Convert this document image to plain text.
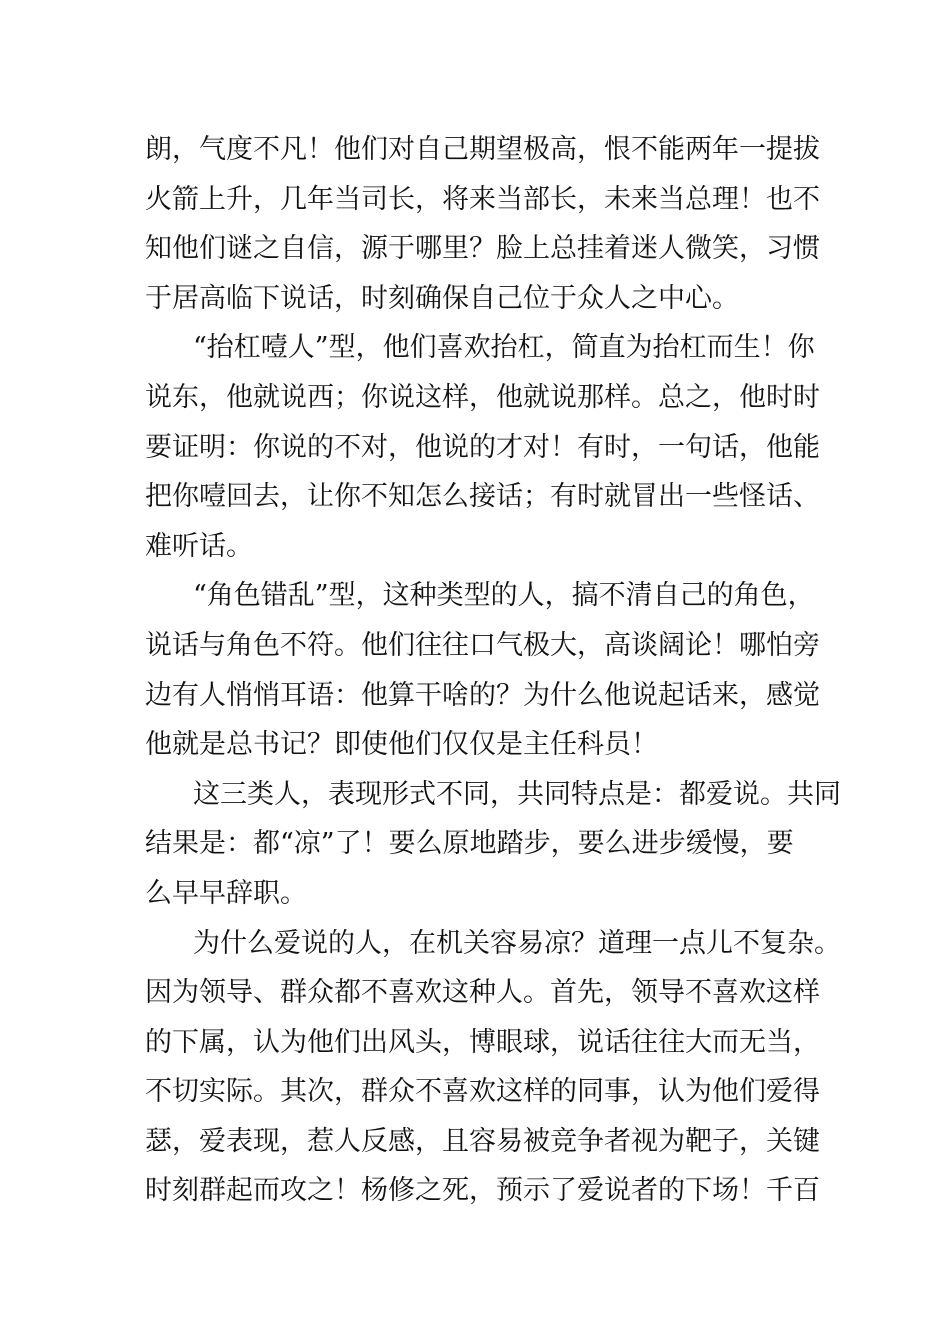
朗，气度不凡！他们对自己期望极高，恨不能两年一提拔
火箭上升，几年当司长，将来当部长，未来当总理！也不
知他们谜之自信，源于哪里？脸上总挂着迷人微笑，习惯
于居高临下说话，时刻确保自己位于众人之中心。
“抬杠噎人”型，他们喜欢抬杠，简直为抬杠而生！你
说东，他就说西；你说这样，他就说那样。总之，他时时
要证明：你说的不对，他说的才对！有时，一句话，他能
把你噎回去，让你不知怎么接话；有时就冒出一些怪话、
难听话。
“角色错乱”型，这种类型的人，搞不清自己的角色，
说话与角色不符。他们往往口气极大，高谈阔论！哪怕旁
边有人悄悄耳语：他算干啥的？为什么他说起话来，感觉
他就是总书记？即使他们仅仅是主任科员！
这三类人，表现形式不同，共同特点是：都爱说。共同
结果是：都“凉”了！要么原地踏步，要么进步缓慢，要
么早早辞职。
为什么爱说的人，在机关容易凉？道理一点儿不复杂。
因为领导、群众都不喜欢这种人。首先，领导不喜欢这样
的下属，认为他们出风头，博眼球，说话往往大而无当，
不切实际。其次，群众不喜欢这样的同事，认为他们爱得
瑟，爱表现，惹人反感，且容易被竞争者视为靶子，关键
时刻群起而攻之！杨修之死，预示了爱说者的下场！千百
